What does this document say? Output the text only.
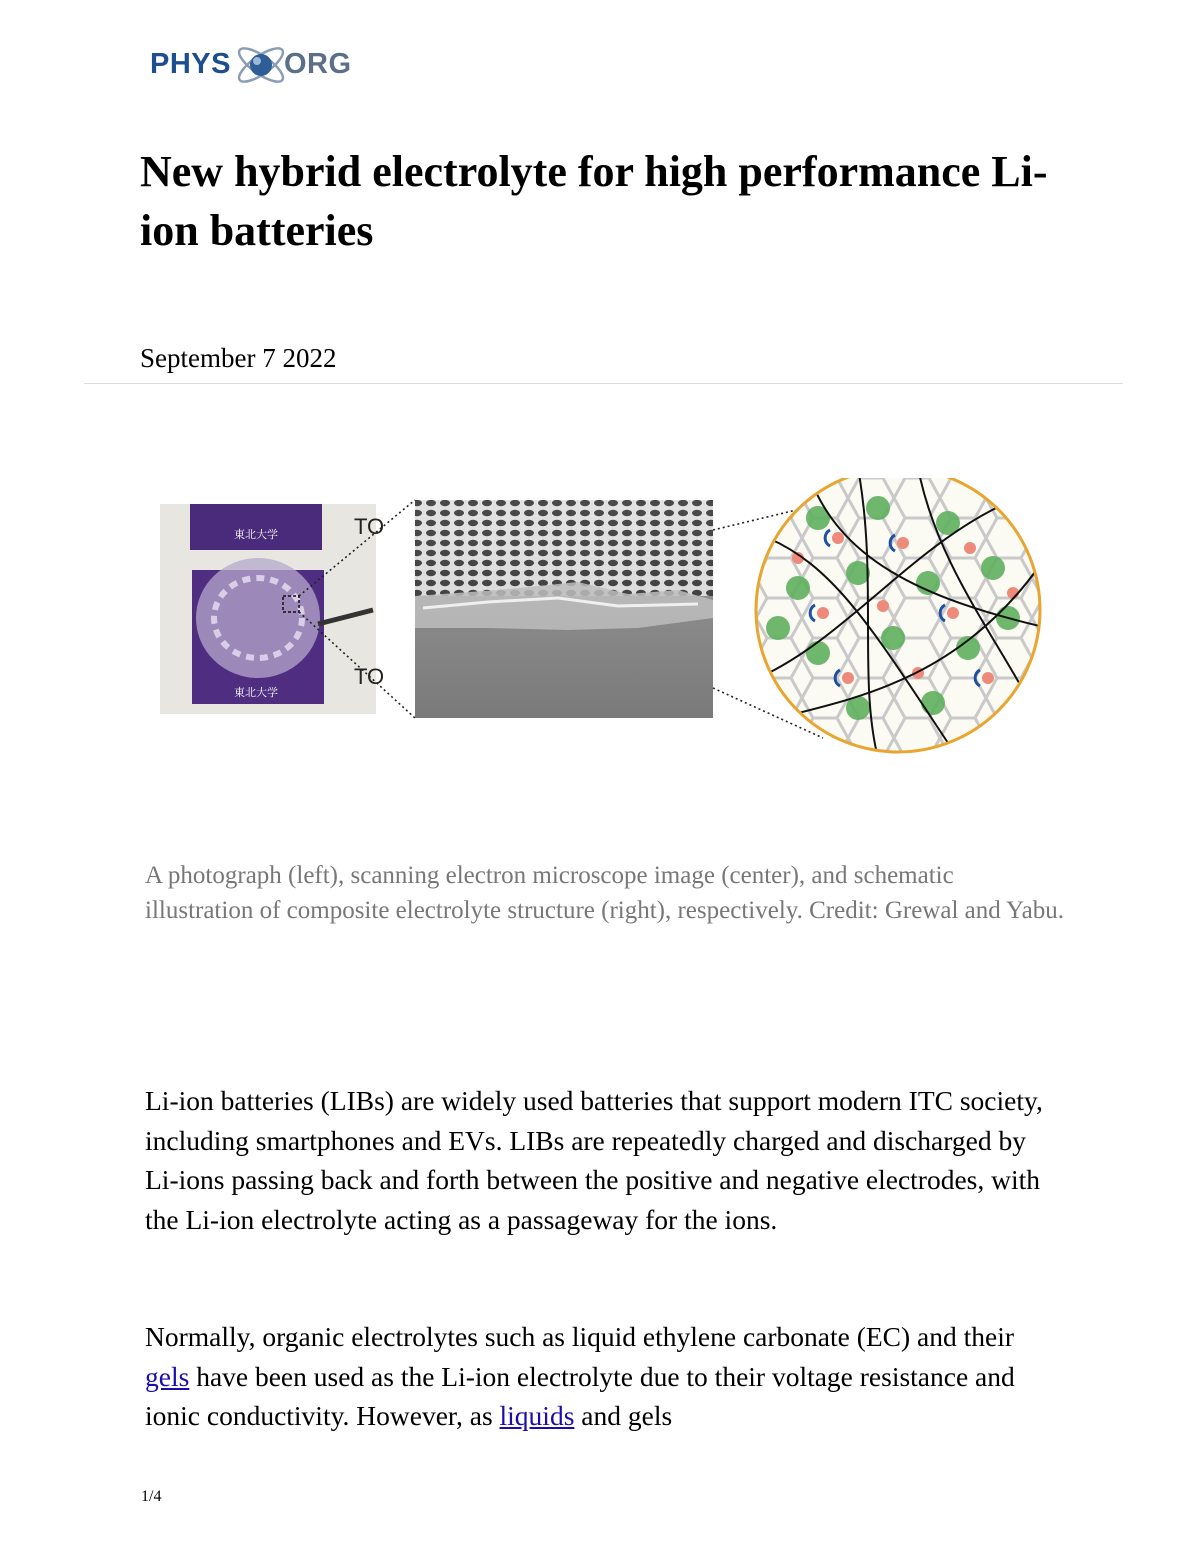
PHYS ORG
New hybrid electrolyte for high performance Li-ion batteries
September 7 2022
東北大学
東北大学
TO
TO

A photograph (left), scanning electron microscope image (center), and schematic illustration of composite electrolyte structure (right), respectively. Credit: Grewal and Yabu.

Li-ion batteries (LIBs) are widely used batteries that support modern ITC society, including smartphones and EVs. LIBs are repeatedly charged and discharged by Li-ions passing back and forth between the positive and negative electrodes, with the Li-ion electrolyte acting as a passageway for the ions.

Normally, organic electrolytes such as liquid ethylene carbonate (EC) and their gels have been used as the Li-ion electrolyte due to their voltage resistance and ionic conductivity. However, as liquids and gels

1/4
